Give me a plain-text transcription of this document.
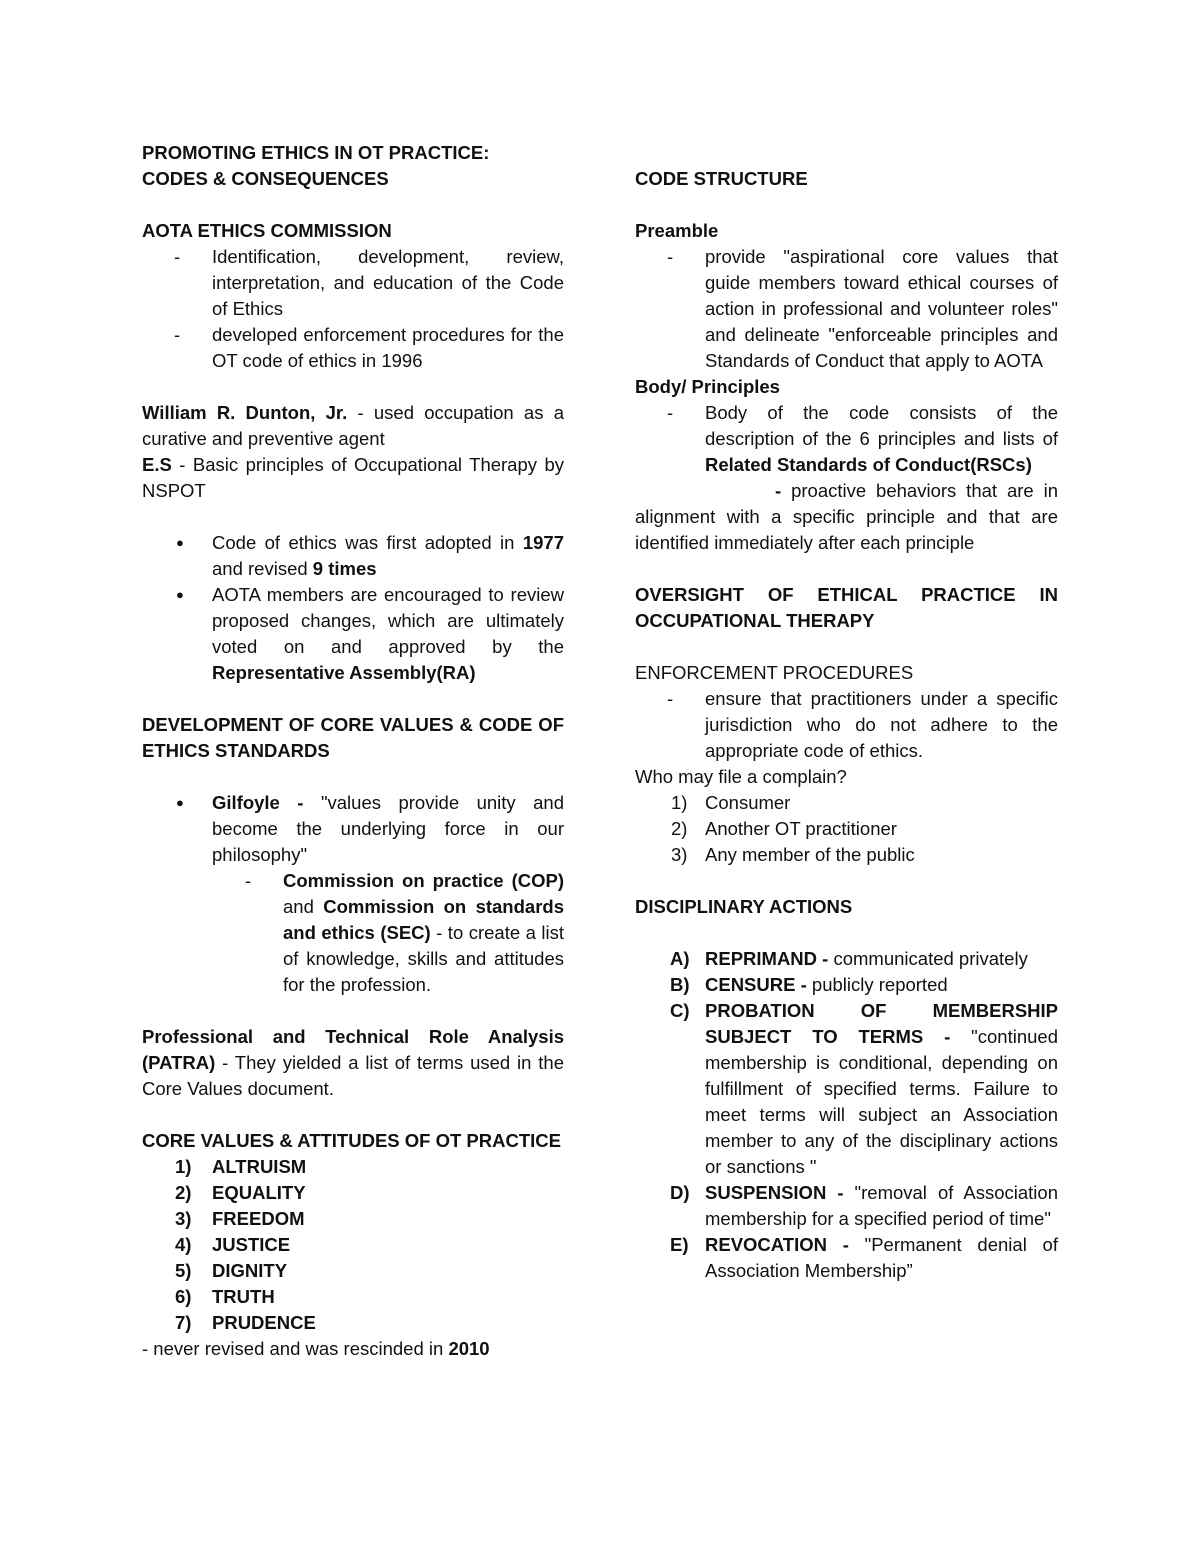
PROMOTING ETHICS IN OT PRACTICE:
CODES & CONSEQUENCES

AOTA ETHICS COMMISSION

- Identification, development, review, interpretation, and education of the Code of Ethics
- developed enforcement procedures for the OT code of ethics in 1996

William R. Dunton, Jr. - used occupation as a curative and preventive agent

E.S - Basic principles of Occupational Therapy by NSPOT

● Code of ethics was first adopted in 1977 and revised 9 times
● AOTA members are encouraged to review proposed changes, which are ultimately voted on and approved by the Representative Assembly(RA)

DEVELOPMENT OF CORE VALUES & CODE OF ETHICS STANDARDS

● Gilfoyle - "values provide unity and become the underlying force in our philosophy"
- Commission on practice (COP) and Commission on standards and ethics (SEC) - to create a list of knowledge, skills and attitudes for the profession.

Professional and Technical Role Analysis (PATRA) - They yielded a list of terms used in the Core Values document.

CORE VALUES & ATTITUDES OF OT PRACTICE

1) ALTRUISM
2) EQUALITY
3) FREEDOM
4) JUSTICE
5) DIGNITY
6) TRUTH
7) PRUDENCE

- never revised and was rescinded in 2010

CODE STRUCTURE

Preamble

- provide "aspirational core values that guide members toward ethical courses of action in professional and volunteer roles" and delineate "enforceable principles and Standards of Conduct that apply to AOTA

Body/ Principles

- Body of the code consists of the description of the 6 principles and lists of Related Standards of Conduct(RSCs)

- proactive behaviors that are in alignment with a specific principle and that are identified immediately after each principle

OVERSIGHT OF ETHICAL PRACTICE IN OCCUPATIONAL THERAPY

ENFORCEMENT PROCEDURES

- ensure that practitioners under a specific jurisdiction who do not adhere to the appropriate code of ethics.

Who may file a complain?

1) Consumer
2) Another OT practitioner
3) Any member of the public

DISCIPLINARY ACTIONS

A) REPRIMAND - communicated privately
B) CENSURE - publicly reported
C) PROBATION OF MEMBERSHIP SUBJECT TO TERMS - "continued membership is conditional, depending on fulfillment of specified terms. Failure to meet terms will subject an Association member to any of the disciplinary actions or sanctions "
D) SUSPENSION - "removal of Association membership for a specified period of time"
E) REVOCATION - "Permanent denial of Association Membership”
